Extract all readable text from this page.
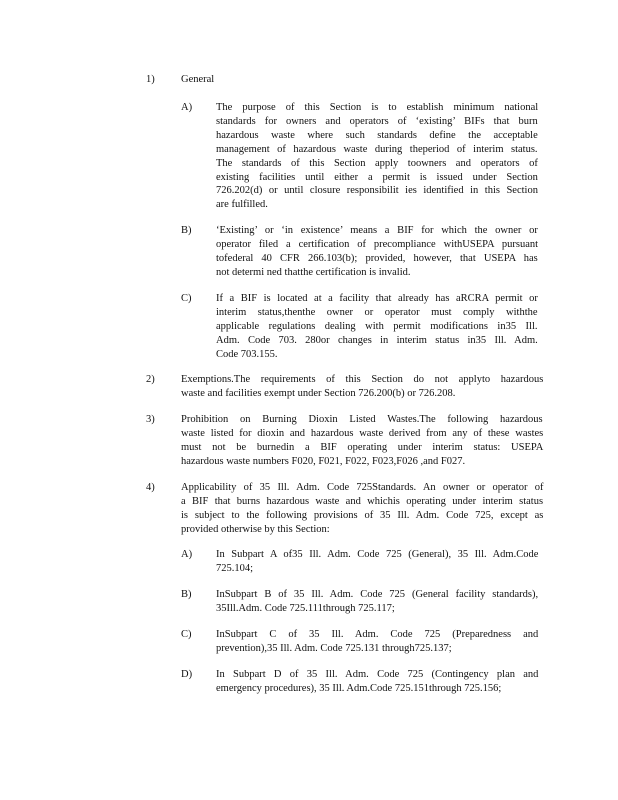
1)	General
A) The purpose of this Section is to establish minimum national
standards for owners and operators of ‘existing’ BIFs that burn
hazardous waste where such standards define the acceptable
management of hazardous waste during theperiod of interim status.
The standards of this Section apply toowners and operators of
existing facilities until either a permit is issued under Section
726.202(d) or until closure responsibilit ies identified in this Section
are fulfilled.
B) ‘Existing’ or ‘in existence’ means a BIF for which the owner or
operator filed a certification of precompliance withUSEPA pursuant
tofederal 40 CFR 266.103(b); provided, however, that USEPA has
not determi ned thatthe certification is invalid.
C) If a BIF is located at a facility that already has aRCRA permit or
interim status,thenthe owner or operator must comply withthe
applicable regulations dealing with permit modifications in35 Ill.
Adm. Code 703. 280or changes in interim status in35 Ill. Adm.
Code 703.155.
2)	Exemptions.The requirements of this Section do not applyto hazardous
waste and facilities exempt under Section 726.200(b) or 726.208.
3)	Prohibition on Burning Dioxin Listed Wastes.The following hazardous
waste listed for dioxin and hazardous waste derived from any of these wastes
must not be burnedin a BIF operating under interim status: USEPA
hazardous waste numbers F020, F021, F022, F023,F026 ,and F027.
4)	Applicability of 35 Ill. Adm. Code 725Standards. An owner or operator of
a BIF that burns hazardous waste and whichis operating under interim status
is subject to the following provisions of 35 Ill. Adm. Code 725, except as
provided otherwise by this Section:
A) In Subpart A of35 Ill. Adm. Code 725 (General), 35 Ill. Adm.Code
725.104;
B) InSubpart B of 35 Ill. Adm. Code 725 (General facility standards),
35Ill.Adm. Code 725.111through 725.117;
C) InSubpart C of 35 Ill. Adm. Code 725 (Preparedness and
prevention),35 Ill. Adm. Code 725.131 through725.137;
D) In Subpart D of 35 Ill. Adm. Code 725 (Contingency plan and
emergency procedures), 35 Ill. Adm.Code 725.151through 725.156;
